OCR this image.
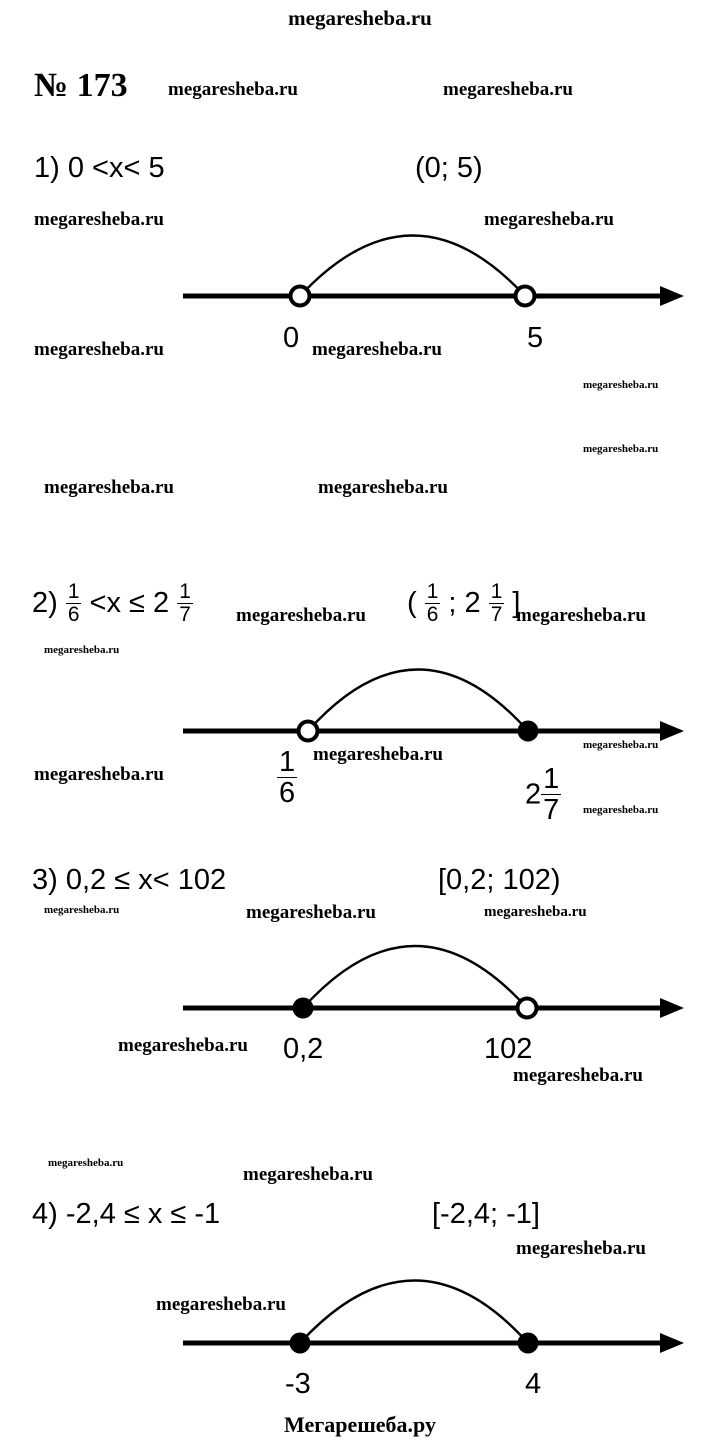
megaresheba.ru
№ 173 megaresheba.ru	megaresheba.ru
megaresheba.ru	megaresheba.ru
megaresheba.ru	megaresheba.ru
megaresheba.ru
megaresheba.ru
megaresheba.ru	megaresheba.ru
megaresheba.ru	megaresheba.ru
megaresheba.ru
megaresheba.ru	megaresheba.ru
megaresheba.ru
megaresheba.ru
megaresheba.ru	megaresheba.ru	megaresheba.ru
megaresheba.ru
megaresheba.ru
megaresheba.ru
megaresheba.ru
megaresheba.ru
megaresheba.ru
1) 0 <x< 5	(0; 5)
0	5
$2) \frac{1}{6} <x \le 2 \frac{1}{7}$	( $\frac{1}{6}$ ; $2 \frac{1}{7}$ ]
$\frac{1}{6}$	$2 \frac{1}{7}$
3) 0,2 ≤ x< 102	[0,2; 102)
0,2	102
4) -2,4 ≤ x ≤ -1	[-2,4; -1]
-3	4
Мегарешеба.ру
